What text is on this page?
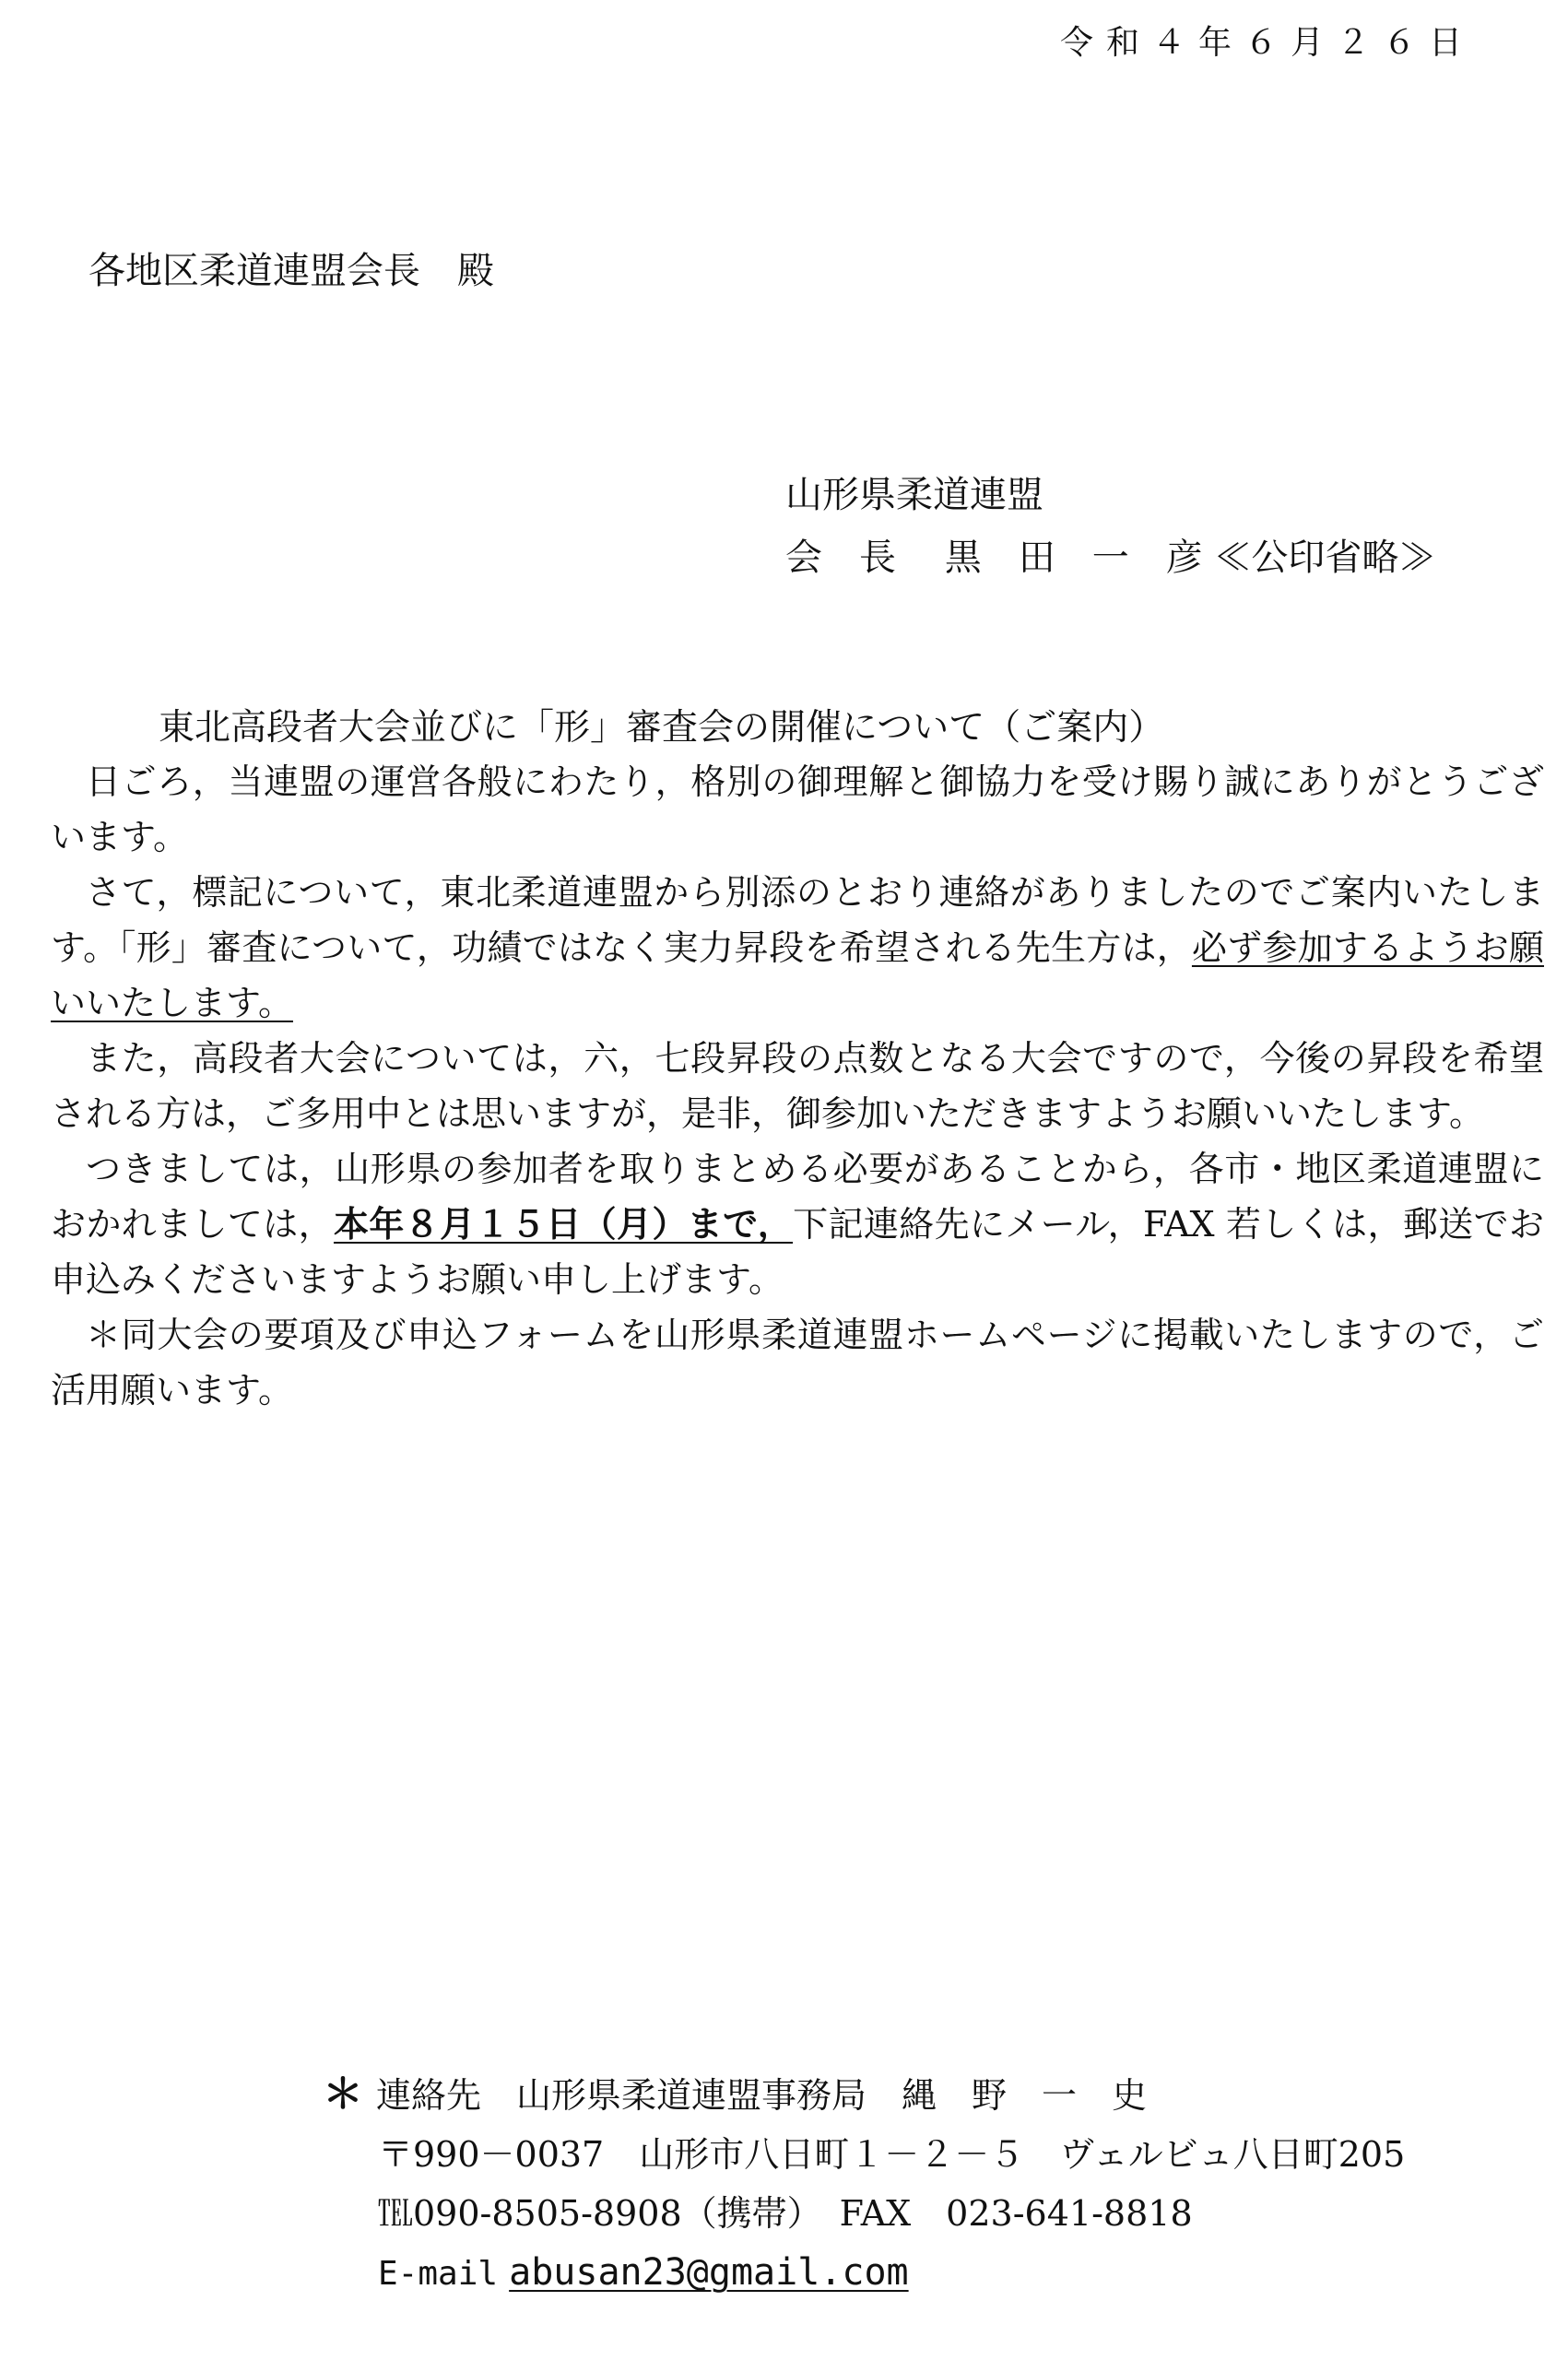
令和４年６月２６日
各地区柔道連盟会長　殿
山形県柔道連盟
会　長　 黒　田　一　彦 ≪公印省略≫
東北高段者大会並びに「形」審査会の開催について（ご案内）

日ごろ，当連盟の運営各般にわたり，格別の御理解と御協力を受け賜り誠にありがとうございます。

さて，標記について，東北柔道連盟から別添のとおり連絡がありましたのでご案内いたします。「形」審査について，功績ではなく実力昇段を希望される先生方は，必ず参加するようお願いいたします。

また，高段者大会については，六，七段昇段の点数となる大会ですので，今後の昇段を希望される方は，ご多用中とは思いますが，是非，御参加いただきますようお願いいたします。

つきましては，山形県の参加者を取りまとめる必要があることから，各市・地区柔道連盟におかれましては，本年８月１５日（月）まで，下記連絡先にメール，FAX 若しくは，郵送でお申込みくださいますようお願い申し上げます。

＊同大会の要項及び申込フォームを山形県柔道連盟ホームページに掲載いたしますので，ご活用願います。

＊ 連絡先　山形県柔道連盟事務局　縄　野　一　史
〒990－0037　山形市八日町１－２－５　ヴェルビュ八日町205
℡090‐8505‐8908（携帯）　FAX　023‐641‐8818
E-mail abusan23@gmail.com
